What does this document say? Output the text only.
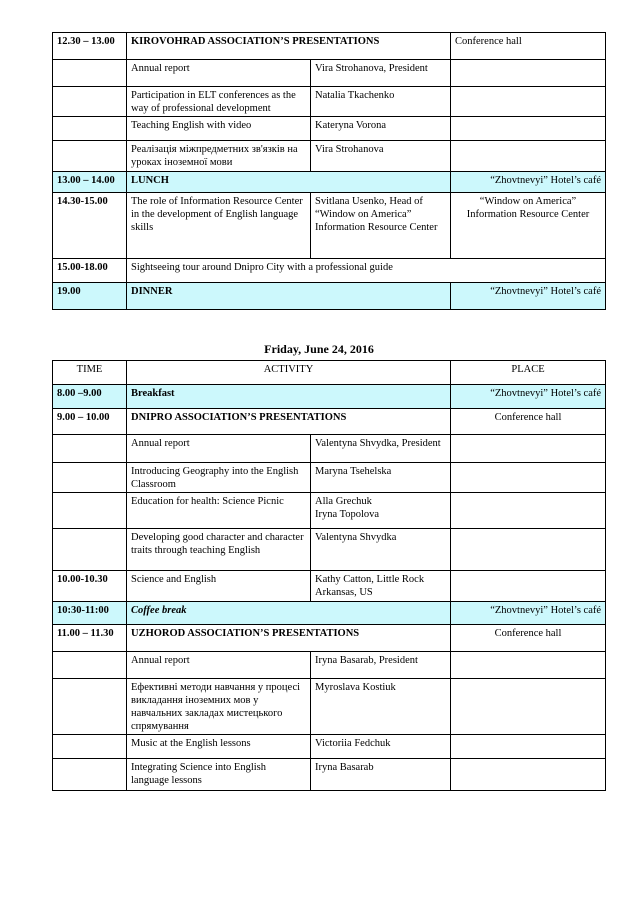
12.30 – 13.00	KIROVOHRAD ASSOCIATION’S PRESENTATIONS		Conference hall
	Annual report	Vira Strohanova, President	
	Participation in ELT conferences as the way of professional development	Natalia Tkachenko	
	Teaching English with video	Kateryna Vorona	
	Реалізація міжпредметних зв'язків на уроках іноземної мови	Vira Strohanova	
13.00 – 14.00	LUNCH		“Zhovtnevyi” Hotel’s café
14.30-15.00	The role of Information Resource Center in the development of English language skills	Svitlana Usenko, Head of “Window on America” Information Resource Center	“Window on America” Information Resource Center
15.00-18.00	Sightseeing tour around Dnipro City with a professional guide		
19.00	DINNER		“Zhovtnevyi” Hotel’s café
Friday, June 24, 2016
TIME	ACTIVITY		PLACE
8.00 –9.00	Breakfast		“Zhovtnevyi” Hotel’s café
9.00 – 10.00	DNIPRO ASSOCIATION’S PRESENTATIONS		Conference hall
	Annual report	Valentyna Shvydka, President	
	Introducing Geography into the English Classroom	Maryna Tsehelska	
	Education for health: Science Picnic	Alla Grechuk
Iryna Topolova	
	Developing good character and character traits through teaching English	Valentyna Shvydka	
10.00-10.30	Science and English	Kathy Catton, Little Rock Arkansas, US	
10:30-11:00	Coffee break		“Zhovtnevyi” Hotel’s café
11.00 – 11.30	UZHOROD ASSOCIATION’S PRESENTATIONS		Conference hall
	Annual report	Iryna Basarab, President	
	Ефективні методи навчання у процесі викладання іноземних мов у навчальних закладах мистецького спрямування	Myroslava Kostiuk	
	Music at the English lessons	Victoriia Fedchuk	
	Integrating Science into English language lessons	Iryna Basarab	
